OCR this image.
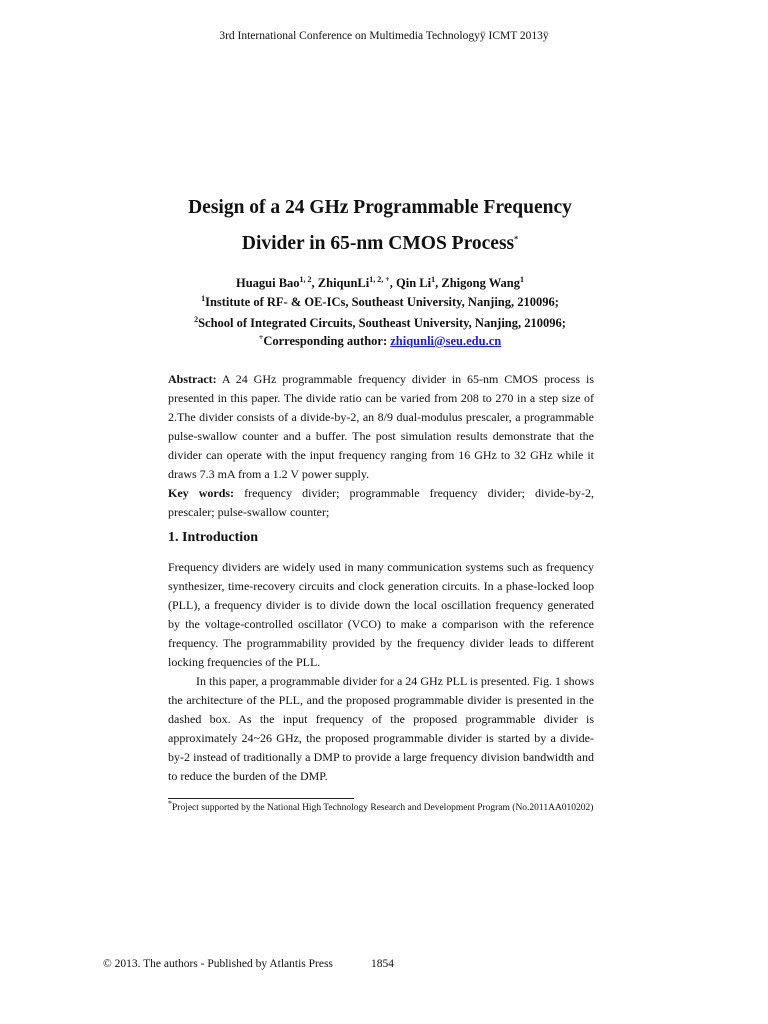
3rd International Conference on Multimedia Technologyÿ ICMT 2013ÿ
Design of a 24 GHz Programmable Frequency
Divider in 65-nm CMOS Process*
Huagui Bao$^{1, 2}$, ZhiqunLi$^{1, 2, +}$, Qin Li$^1$, Zhigong Wang$^1$
$^1$Institute of RF- & OE-ICs, Southeast University, Nanjing, 210096;
$^2$School of Integrated Circuits, Southeast University, Nanjing, 210096;
+Corresponding author: zhiqunli@seu.edu.cn
Abstract: A 24 GHz programmable frequency divider in 65-nm CMOS process is presented in this paper. The divide ratio can be varied from 208 to 270 in a step size of 2.The divider consists of a divide-by-2, an 8/9 dual-modulus prescaler, a programmable pulse-swallow counter and a buffer. The post simulation results demonstrate that the divider can operate with the input frequency ranging from 16 GHz to 32 GHz while it draws 7.3 mA from a 1.2 V power supply.
Key words: frequency divider; programmable frequency divider; divide-by-2, prescaler; pulse-swallow counter;
1. Introduction
Frequency dividers are widely used in many communication systems such as frequency synthesizer, time-recovery circuits and clock generation circuits. In a phase-locked loop (PLL), a frequency divider is to divide down the local oscillation frequency generated by the voltage-controlled oscillator (VCO) to make a comparison with the reference frequency. The programmability provided by the frequency divider leads to different locking frequencies of the PLL.
In this paper, a programmable divider for a 24 GHz PLL is presented. Fig. 1 shows the architecture of the PLL, and the proposed programmable divider is presented in the dashed box. As the input frequency of the proposed programmable divider is approximately 24~26 GHz, the proposed programmable divider is started by a divide-by-2 instead of traditionally a DMP to provide a large frequency division bandwidth and to reduce the burden of the DMP.
*Project supported by the National High Technology Research and Development Program (No.2011AA010202)
© 2013. The authors - Published by Atlantis Press	1854
